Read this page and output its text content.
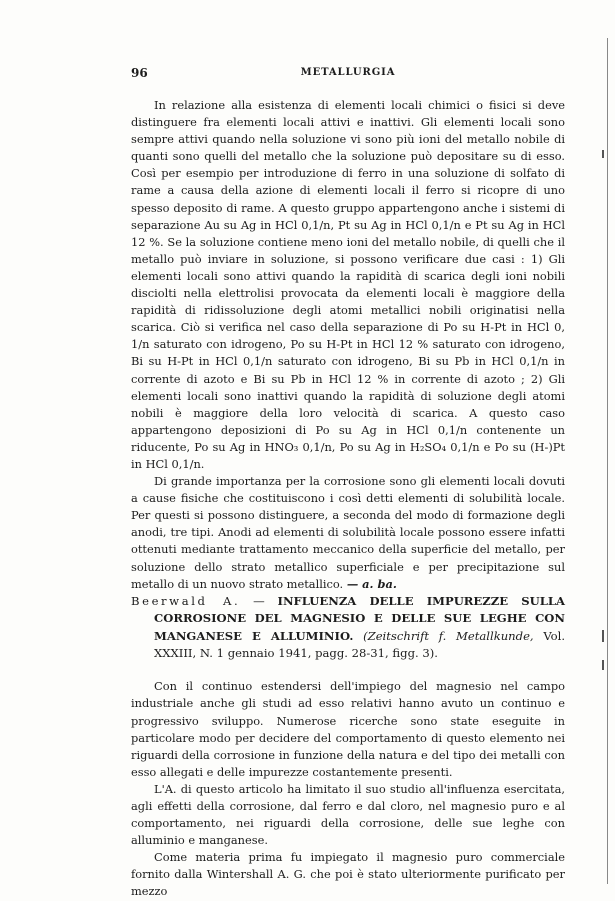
96	METALLURGIA

In relazione alla esistenza di elementi locali chimici o fisici si deve distinguere fra elementi locali attivi e inattivi. Gli elementi locali sono sempre attivi quando nella soluzione vi sono più ioni del metallo nobile di quanti sono quelli del metallo che la soluzione può depositare su di esso. Così per esempio per introduzione di ferro in una soluzione di solfato di rame a causa della azione di elementi locali il ferro si ricopre di uno spesso deposito di rame. A questo gruppo appartengono anche i sistemi di separazione Au su Ag in HCl 0,1/n, Pt su Ag in HCl 0,1/n e Pt su Ag in HCl 12 %. Se la soluzione contiene meno ioni del metallo nobile, di quelli che il metallo può inviare in soluzione, si possono verificare due casi : 1) Gli elementi locali sono attivi quando la rapidità di scarica degli ioni nobili disciolti nella elettrolisi provocata da elementi locali è maggiore della rapidità di ridissoluzione degli atomi metallici nobili originatisi nella scarica. Ciò si verifica nel caso della separazione di Po su H-Pt in HCl 0, 1/n saturato con idrogeno, Po su H-Pt in HCl 12 % saturato con idrogeno, Bi su H-Pt in HCl 0,1/n saturato con idrogeno, Bi su Pb in HCl 0,1/n in corrente di azoto e Bi su Pb in HCl 12 % in corrente di azoto ; 2) Gli elementi locali sono inattivi quando la rapidità di soluzione degli atomi nobili è maggiore della loro velocità di scarica. A questo caso appartengono deposizioni di Po su Ag in HCl 0,1/n contenente un riducente, Po su Ag in HNO₃ 0,1/n, Po su Ag in H₂SO₄ 0,1/n e Po su (H-)Pt in HCl 0,1/n.

Di grande importanza per la corrosione sono gli elementi locali dovuti a cause fisiche che costituiscono i così detti elementi di solubilità locale. Per questi si possono distinguere, a seconda del modo di formazione degli anodi, tre tipi. Anodi ad elementi di solubilità locale possono essere infatti ottenuti mediante trattamento meccanico della superficie del metallo, per soluzione dello strato metallico superficiale e per precipitazione sul metallo di un nuovo strato metallico. — a. ba.

Beerwald A. — INFLUENZA DELLE IMPUREZZE SULLA CORROSIONE DEL MAGNESIO E DELLE SUE LEGHE CON MANGANESE E ALLUMINIO. (Zeitschrift f. Metallkunde, Vol. XXXIII, N. 1 gennaio 1941, pagg. 28-31, figg. 3).

Con il continuo estendersi dell'impiego del magnesio nel campo industriale anche gli studi ad esso relativi hanno avuto un continuo e progressivo sviluppo. Numerose ricerche sono state eseguite in particolare modo per decidere del comportamento di questo elemento nei riguardi della corrosione in funzione della natura e del tipo dei metalli con esso allegati e delle impurezze costantemente presenti.

L'A. di questo articolo ha limitato il suo studio all'influenza esercitata, agli effetti della corrosione, dal ferro e dal cloro, nel magnesio puro e al comportamento, nei riguardi della corrosione, delle sue leghe con alluminio e manganese.

Come materia prima fu impiegato il magnesio puro commerciale fornito dalla Wintershall A. G. che poi è stato ulteriormente purificato per mezzo
